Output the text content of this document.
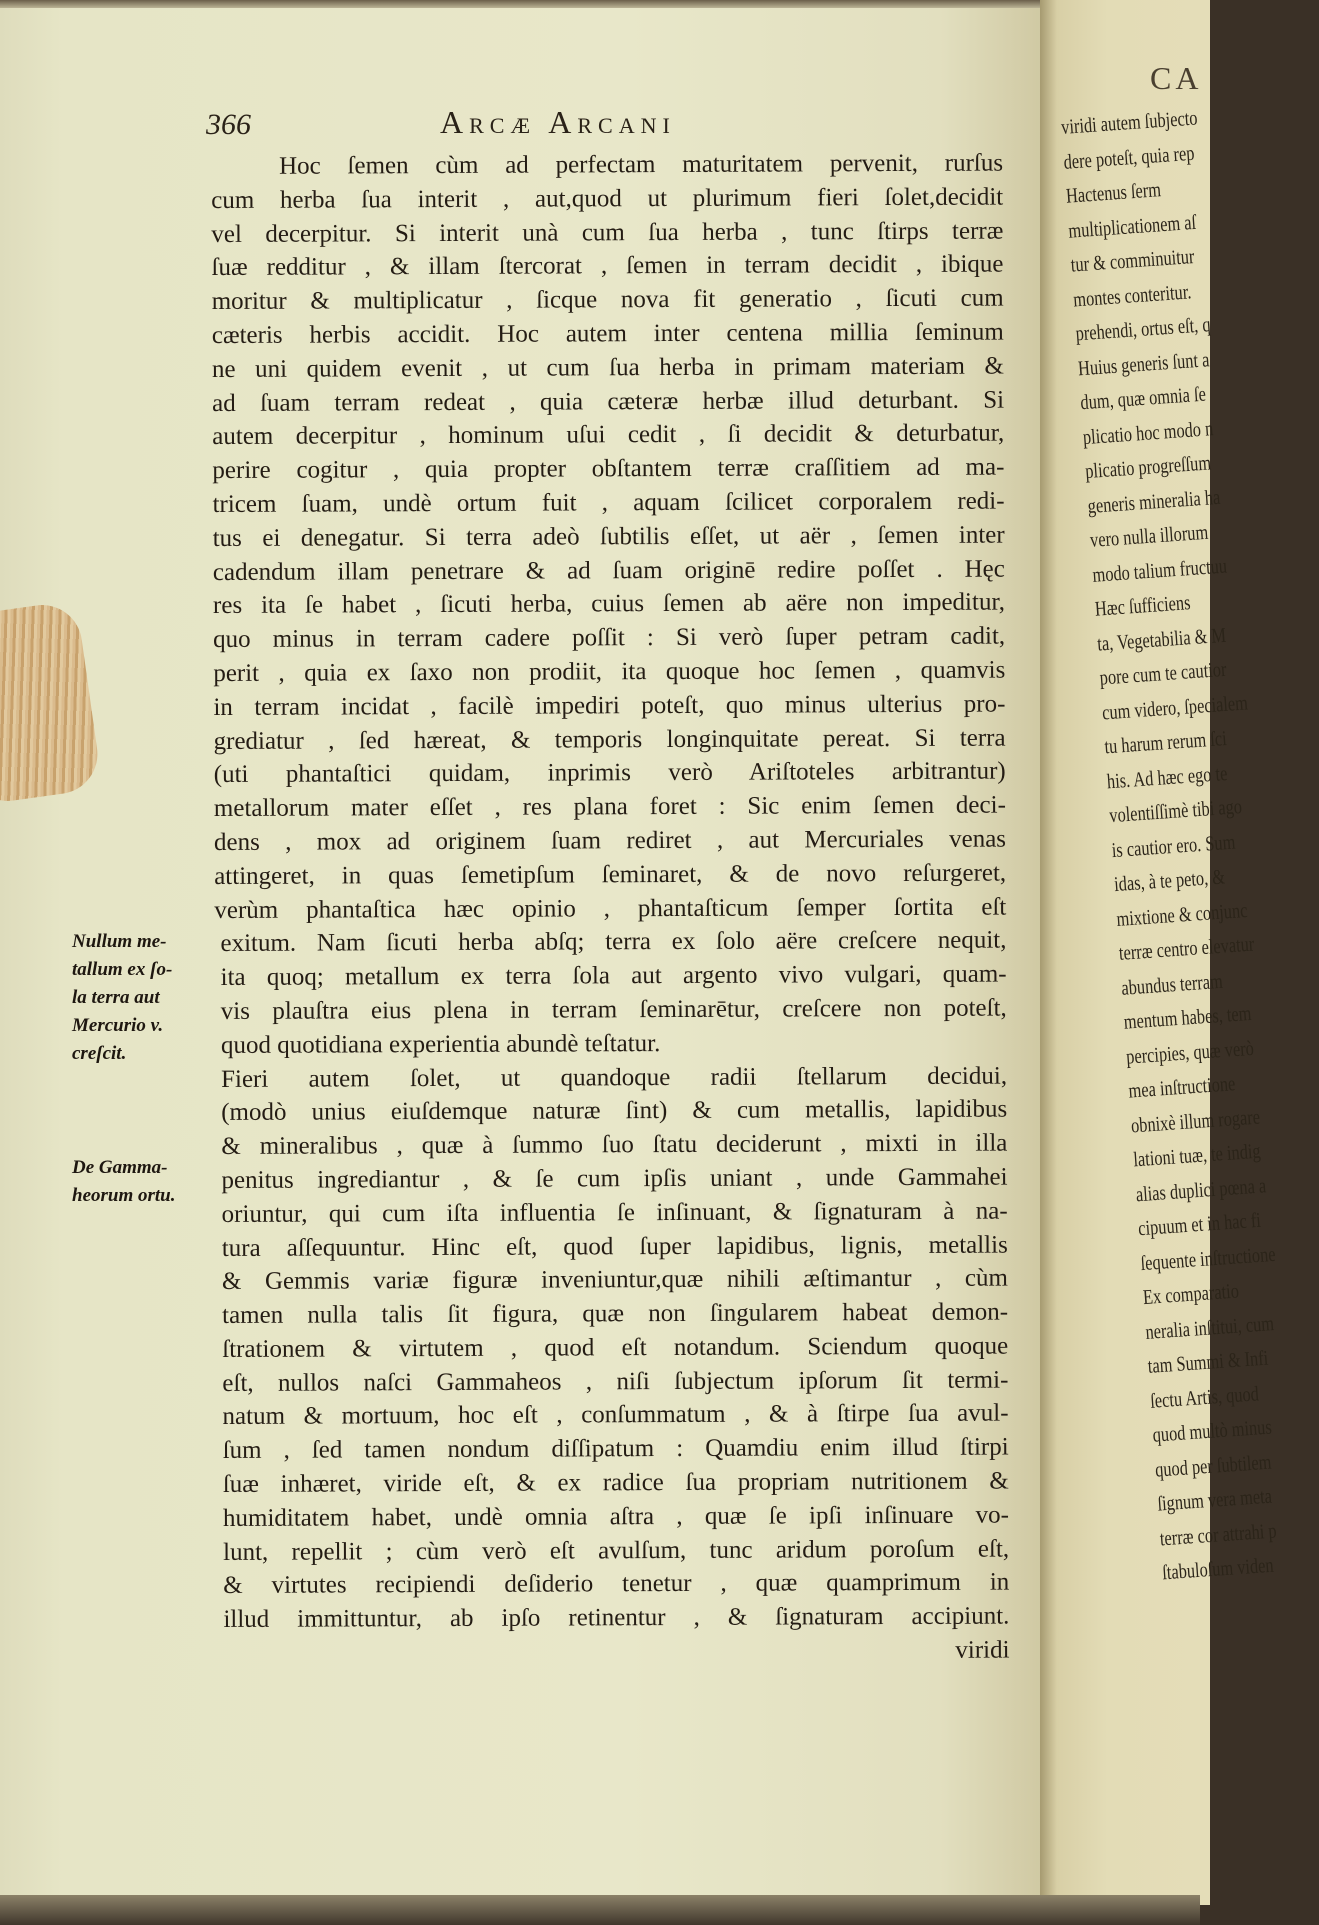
366	Arcæ Arcani
Hoc ſemen cùm ad perfectam maturitatem pervenit, rurſus
cum herba ſua interit , aut,quod ut plurimum fieri ſolet,decidit
vel decerpitur. Si interit unà cum ſua herba , tunc ſtirps terræ
ſuæ redditur , & illam ſtercorat , ſemen in terram decidit , ibique
moritur & multiplicatur , ſicque nova fit generatio , ſicuti cum
cæteris herbis accidit. Hoc autem inter centena millia ſeminum
ne uni quidem evenit , ut cum ſua herba in primam materiam &
ad ſuam terram redeat , quia cæteræ herbæ illud deturbant. Si
autem decerpitur , hominum uſui cedit , ſi decidit & deturbatur,
perire cogitur , quia propter obſtantem terræ craſſitiem ad ma-
tricem ſuam, undè ortum fuit , aquam ſcilicet corporalem redi-
tus ei denegatur. Si terra adeò ſubtilis eſſet, ut aër , ſemen inter
cadendum illam penetrare & ad ſuam originē redire poſſet . Hęc
res ita ſe habet , ſicuti herba, cuius ſemen ab aëre non impeditur,
quo minus in terram cadere poſſit : Si verò ſuper petram cadit,
perit , quia ex ſaxo non prodiit, ita quoque hoc ſemen , quamvis
in terram incidat , facilè impediri poteſt, quo minus ulterius pro-
grediatur , ſed hæreat, & temporis longinquitate pereat. Si terra
(uti phantaſtici quidam, inprimis verò Ariſtoteles arbitrantur)
metallorum mater eſſet , res plana foret : Sic enim ſemen deci-
dens , mox ad originem ſuam rediret , aut Mercuriales venas
attingeret, in quas ſemetipſum ſeminaret, & de novo reſurgeret,
verùm phantaſtica hæc opinio , phantaſticum ſemper ſortita eſt
exitum. Nam ſicuti herba abſq; terra ex ſolo aëre creſcere nequit,
ita quoq; metallum ex terra ſola aut argento vivo vulgari, quam-
vis plauſtra eius plena in terram ſeminarētur, creſcere non poteſt,
quod quotidiana experientia abundè teſtatur.
Fieri autem ſolet, ut quandoque radii ſtellarum decidui,
(modò unius eiuſdemque naturæ ſint) & cum metallis, lapidibus
& mineralibus , quæ à ſummo ſuo ſtatu deciderunt , mixti in illa
penitus ingrediantur , & ſe cum ipſis uniant , unde Gammahei
oriuntur, qui cum iſta influentia ſe inſinuant, & ſignaturam à na-
tura aſſequuntur. Hinc eſt, quod ſuper lapidibus, lignis, metallis
& Gemmis variæ figuræ inveniuntur,quæ nihili æſtimantur , cùm
tamen nulla talis ſit figura, quæ non ſingularem habeat demon-
ſtrationem & virtutem , quod eſt notandum. Sciendum quoque
eſt, nullos naſci Gammaheos , niſi ſubjectum ipſorum ſit termi-
natum & mortuum, hoc eſt , conſummatum , & à ſtirpe ſua avul-
ſum , ſed tamen nondum diſſipatum : Quamdiu enim illud ſtirpi
ſuæ inhæret, viride eſt, & ex radice ſua propriam nutritionem &
humiditatem habet, undè omnia aſtra , quæ ſe ipſi inſinuare vo-
lunt, repellit ; cùm verò eſt avulſum, tunc aridum poroſum eſt,
& virtutes recipiendi deſiderio tenetur , quæ quamprimum in
illud immittuntur, ab ipſo retinentur , & ſignaturam accipiunt.
viridi
Nullum me-
tallum ex ſo-
la terra aut
Mercurio v.
creſcit.
De Gamma-
heorum ortu.
CA
viridi autem ſubjecto
dere poteſt, quia rep
Hactenus ſerm
multiplicationem aſ
tur & comminuitur
montes conteritur.
prehendi, ortus eſt, q
Huius generis ſunt a
dum, quæ omnia ſe
plicatio hoc modo n
plicatio progreſſum
generis mineralia ha
vero nulla illorum
modo talium fructuu
Hæc ſufficiens
ta, Vegetabilia & M
pore cum te cautior
cum videro, ſpecialem
tu harum rerum ſci
his. Ad hæc ego te
volentiſſimè tibi ago
is cautior ero. Sum
idas, à te peto, &
mixtione & conjunc
terræ centro elevatur
abundus terram
mentum habes, tem
percipies, quæ verò
mea inſtructione
obnixè illum rogare
lationi tuæ, te indig
alias duplici pœna a
cipuum et in hac fi
ſequente inſtructione
Ex comparatio
neralia inſtitui, cum
tam Summi & Infi
ſectu Artis, quod
quod multò minus
quod per ſubtilem
ſignum vera meta
terræ cor attrahi p
ſtabuloſum viden
